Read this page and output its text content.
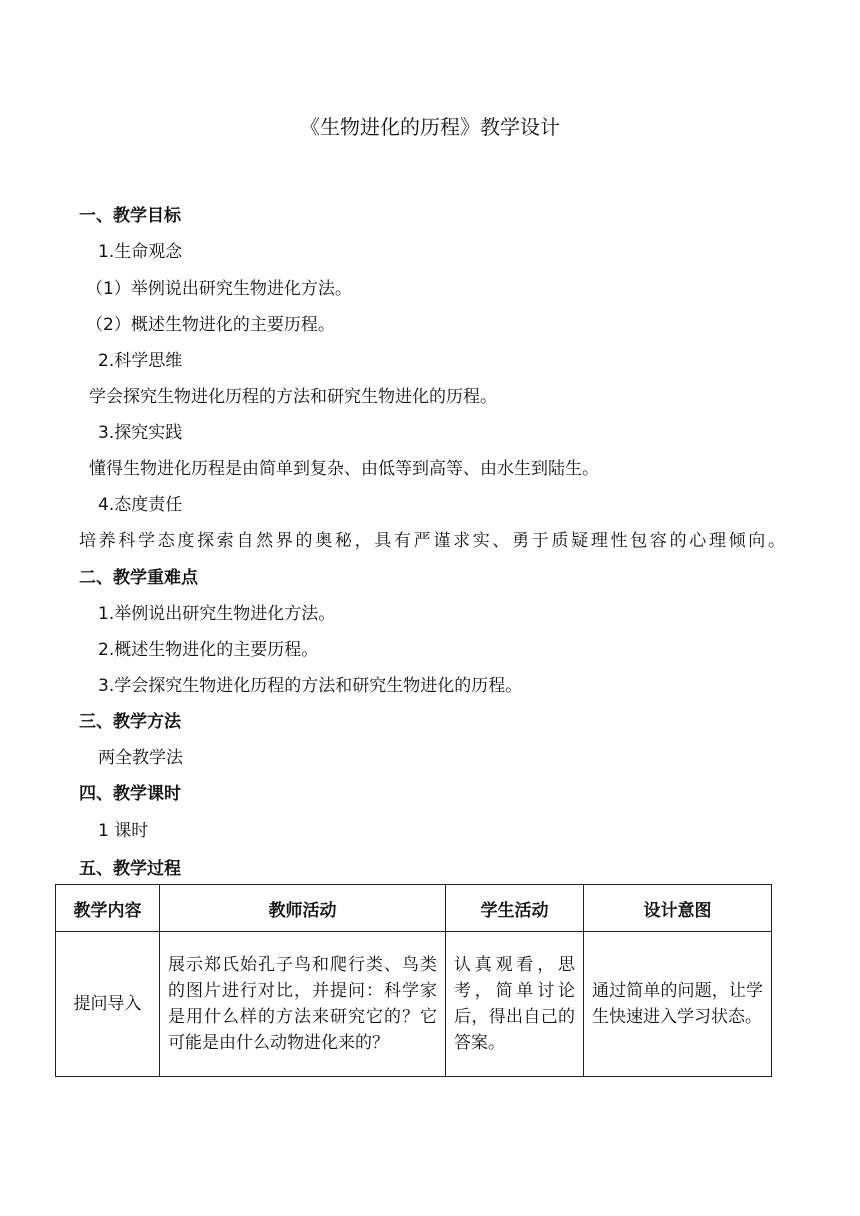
《生物进化的历程》教学设计
一、教学目标
1.生命观念
（1）举例说出研究生物进化方法。
（2）概述生物进化的主要历程。
2.科学思维
学会探究生物进化历程的方法和研究生物进化的历程。
3.探究实践
懂得生物进化历程是由简单到复杂、由低等到高等、由水生到陆生。
4.态度责任
培养科学态度探索自然界的奥秘，具有严谨求实、勇于质疑理性包容的心理倾向。
二、教学重难点
1.举例说出研究生物进化方法。
2.概述生物进化的主要历程。
3.学会探究生物进化历程的方法和研究生物进化的历程。
三、教学方法
两全教学法
四、教学课时
1 课时
五、教学过程
教学内容	教师活动	学生活动	设计意图
提问导入	展示郑氏始孔子鸟和爬行类、鸟类的图片进行对比，并提问：科学家是用什么样的方法来研究它的？它可能是由什么动物进化来的？	认真观看，思考，简单讨论后，得出自己的答案。	通过简单的问题，让学生快速进入学习状态。
